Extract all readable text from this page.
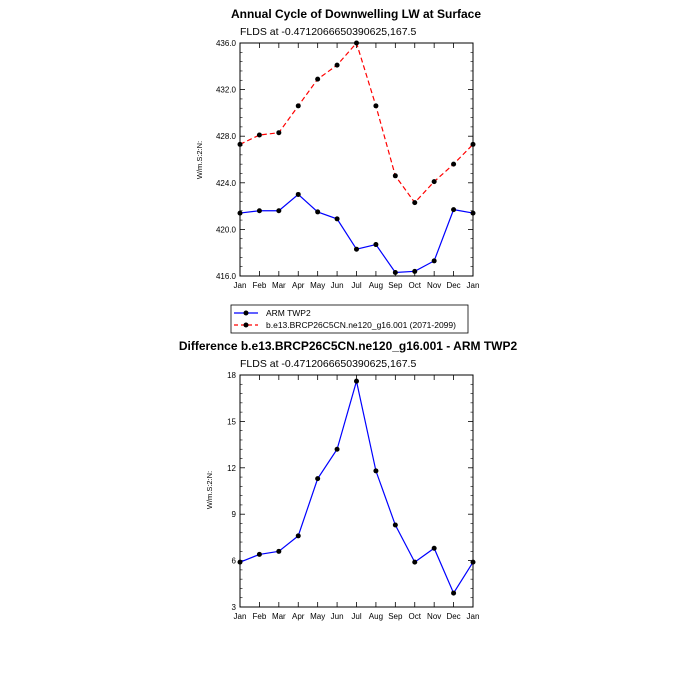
Annual Cycle of Downwelling LW at Surface
FLDS at -0.4712066650390625,167.5
W/m.S:2:N:
416.0
420.0
424.0
428.0
432.0
436.0
Jan Feb Mar Apr May Jun Jul Aug Sep Oct Nov Dec Jan
ARM TWP2
b.e13.BRCP26C5CN.ne120_g16.001 (2071-2099)
Difference b.e13.BRCP26C5CN.ne120_g16.001 - ARM TWP2
FLDS at -0.4712066650390625,167.5
W/m.S:2:N:
3
6
9
12
15
18
Jan Feb Mar Apr May Jun Jul Aug Sep Oct Nov Dec Jan
